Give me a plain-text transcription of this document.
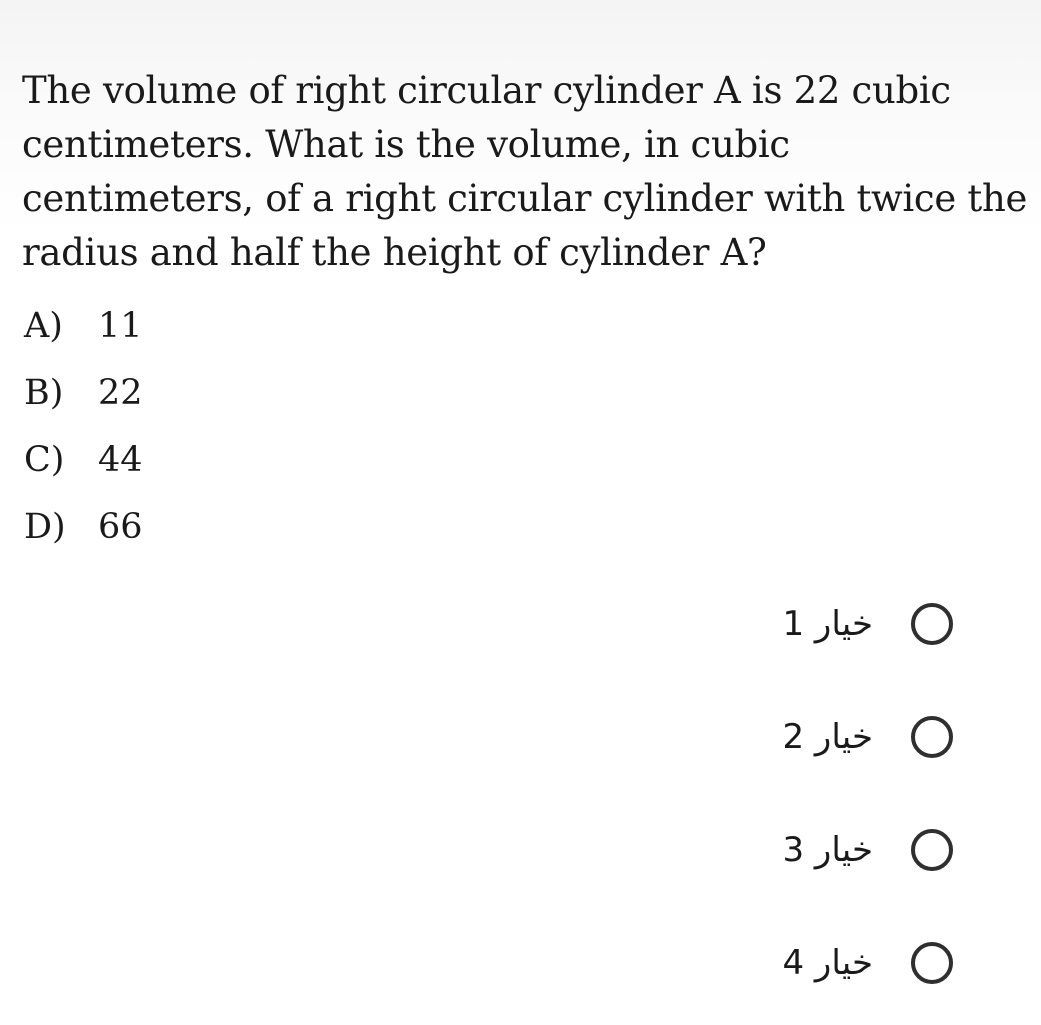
The volume of right circular cylinder A is 22 cubic
centimeters. What is the volume, in cubic
centimeters, of a right circular cylinder with twice the
radius and half the height of cylinder A?
A)	11
B) 22
C) 44
D) 66
خيار 1
خيار 2
خيار 3
خيار 4
